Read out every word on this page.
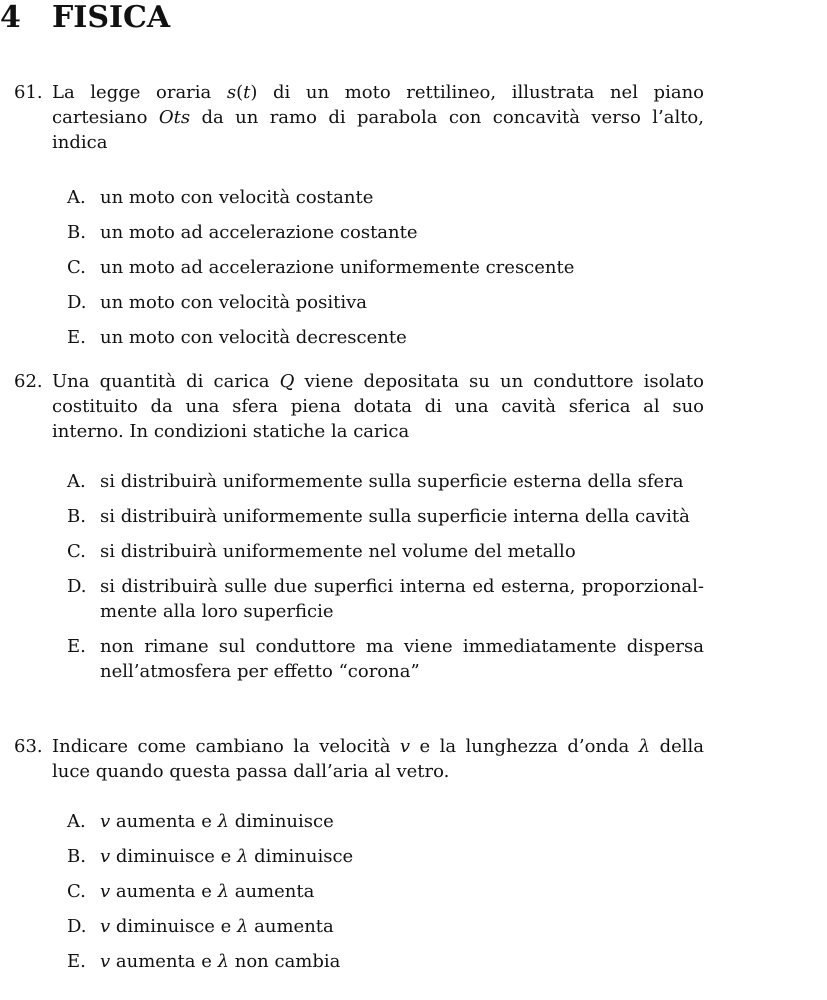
4 FISICA
61. La legge oraria s(t) di un moto rettilineo, illustrata nel piano cartesiano Ots da un ramo di parabola con concavità verso l’alto, indica
A. un moto con velocità costante
B. un moto ad accelerazione costante
C. un moto ad accelerazione uniformemente crescente
D. un moto con velocità positiva
E. un moto con velocità decrescente
62. Una quantità di carica Q viene depositata su un conduttore isolato costituito da una sfera piena dotata di una cavità sferica al suo interno. In condizioni statiche la carica
A. si distribuirà uniformemente sulla superficie esterna della sfera
B. si distribuirà uniformemente sulla superficie interna della cavità
C. si distribuirà uniformemente nel volume del metallo
D. si distribuirà sulle due superfici interna ed esterna, proporzional-mente alla loro superficie
E. non rimane sul conduttore ma viene immediatamente dispersa nell’atmosfera per effetto “corona”
63. Indicare come cambiano la velocità v e la lunghezza d’onda λ della luce quando questa passa dall’aria al vetro.
A. v aumenta e λ diminuisce
B. v diminuisce e λ diminuisce
C. v aumenta e λ aumenta
D. v diminuisce e λ aumenta
E. v aumenta e λ non cambia
